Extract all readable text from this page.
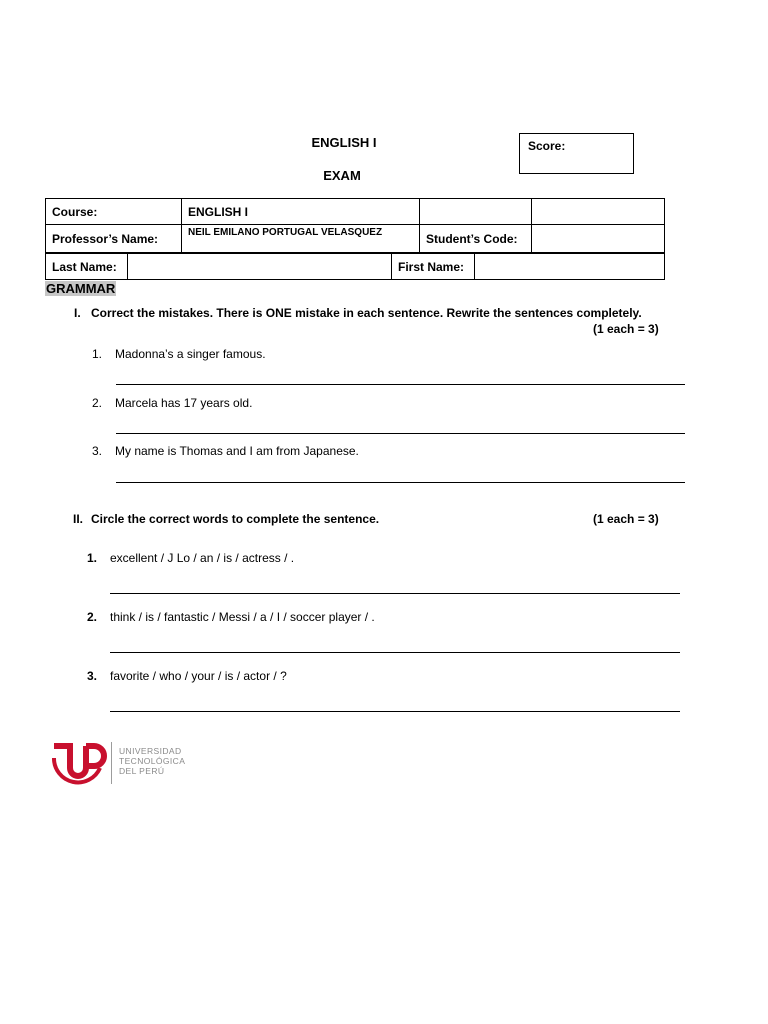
ENGLISH I
EXAM
Score:
Course:	ENGLISH I		
Professor’s Name:	NEIL EMILANO PORTUGAL VELASQUEZ	Student’s Code:	
Last Name:		First Name:	
GRAMMAR
I. Correct the mistakes. There is ONE mistake in each sentence. Rewrite the sentences completely.
(1 each = 3)
1. Madonna’s a singer famous.
2. Marcela has 17 years old.
3. My name is Thomas and I am from Japanese.
II. Circle the correct words to complete the sentence.	(1 each = 3)
1. excellent / J Lo / an / is / actress / .
2. think / is / fantastic / Messi / a / I / soccer player / .
3. favorite / who / your / is / actor / ?
UNIVERSIDAD
TECNOLÓGICA
DEL PERÚ
